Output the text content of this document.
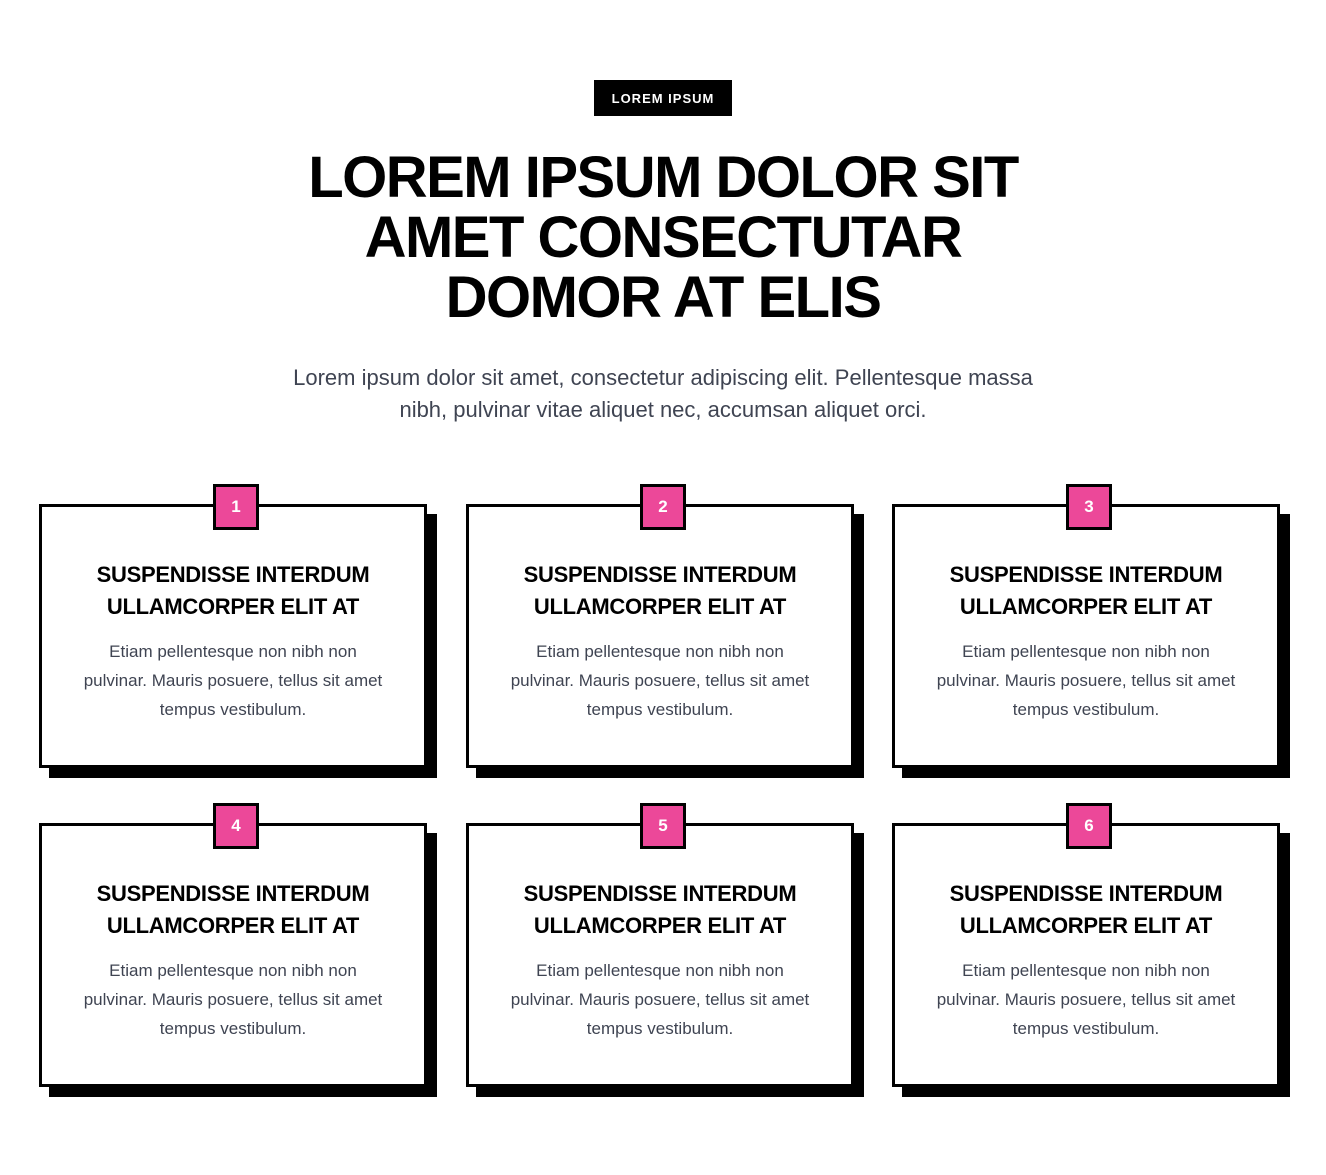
LOREM IPSUM
LOREM IPSUM DOLOR SIT AMET CONSECTUTAR DOMOR AT ELIS

Lorem ipsum dolor sit amet, consectetur adipiscing elit. Pellentesque massa nibh, pulvinar vitae aliquet nec, accumsan aliquet orci.

1
SUSPENDISSE INTERDUM ULLAMCORPER ELIT AT

Etiam pellentesque non nibh non pulvinar. Mauris posuere, tellus sit amet tempus vestibulum.

2
SUSPENDISSE INTERDUM ULLAMCORPER ELIT AT

Etiam pellentesque non nibh non pulvinar. Mauris posuere, tellus sit amet tempus vestibulum.

3
SUSPENDISSE INTERDUM ULLAMCORPER ELIT AT

Etiam pellentesque non nibh non pulvinar. Mauris posuere, tellus sit amet tempus vestibulum.

4
SUSPENDISSE INTERDUM ULLAMCORPER ELIT AT

Etiam pellentesque non nibh non pulvinar. Mauris posuere, tellus sit amet tempus vestibulum.

5
SUSPENDISSE INTERDUM ULLAMCORPER ELIT AT

Etiam pellentesque non nibh non pulvinar. Mauris posuere, tellus sit amet tempus vestibulum.

6
SUSPENDISSE INTERDUM ULLAMCORPER ELIT AT

Etiam pellentesque non nibh non pulvinar. Mauris posuere, tellus sit amet tempus vestibulum.
